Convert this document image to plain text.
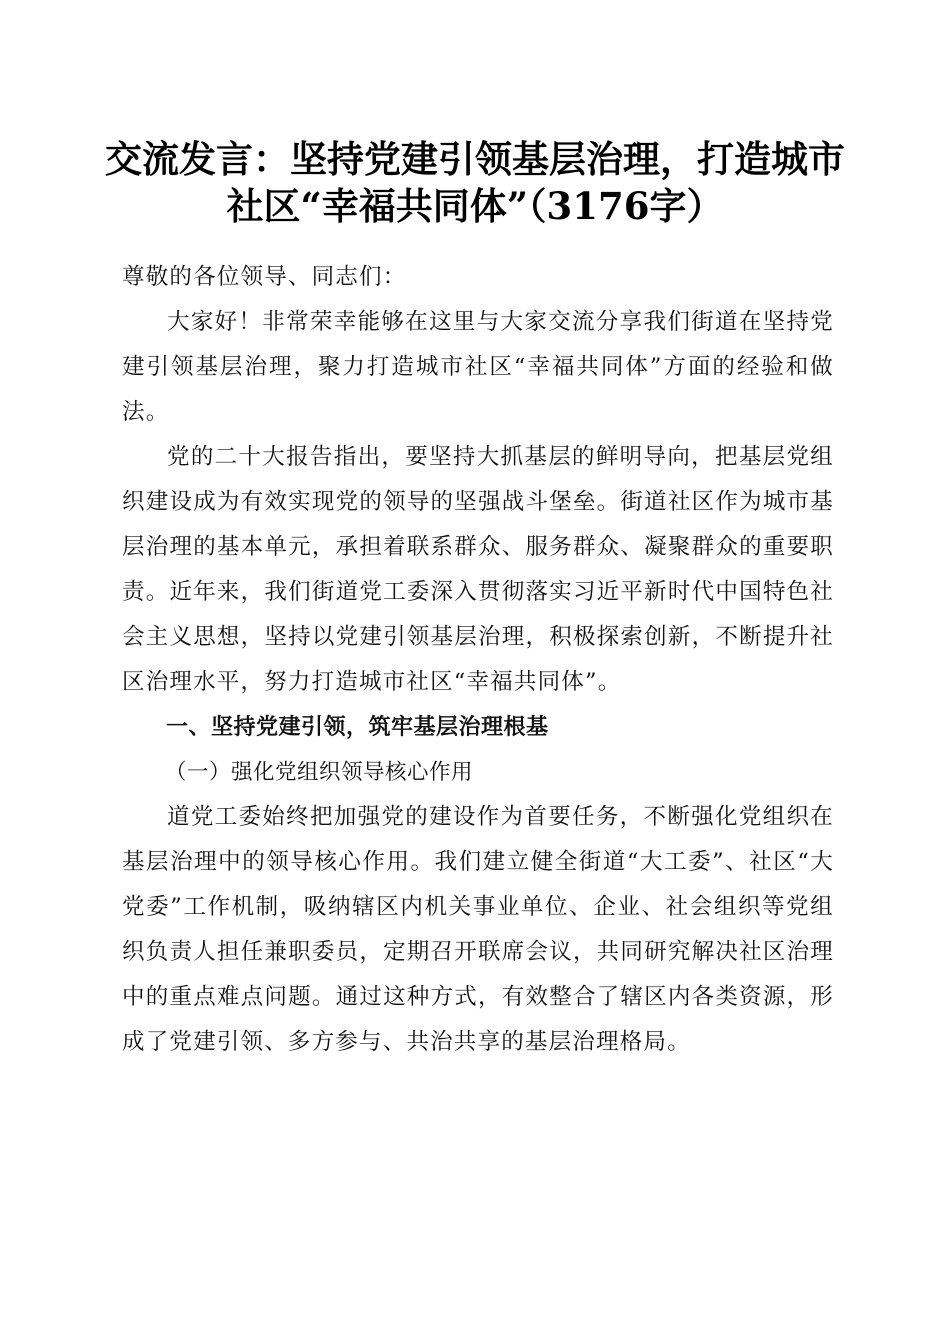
交流发言：坚持党建引领基层治理，打造城市
社区“幸福共同体”（3176字）

尊敬的各位领导、同志们：

大家好！非常荣幸能够在这里与大家交流分享我们街道在坚持党建引领基层治理，聚力打造城市社区“幸福共同体”方面的经验和做法。

党的二十大报告指出，要坚持大抓基层的鲜明导向，把基层党组织建设成为有效实现党的领导的坚强战斗堡垒。街道社区作为城市基层治理的基本单元，承担着联系群众、服务群众、凝聚群众的重要职责。近年来，我们街道党工委深入贯彻落实习近平新时代中国特色社会主义思想，坚持以党建引领基层治理，积极探索创新，不断提升社区治理水平，努力打造城市社区“幸福共同体”。

一、坚持党建引领，筑牢基层治理根基

（一）强化党组织领导核心作用

道党工委始终把加强党的建设作为首要任务，不断强化党组织在基层治理中的领导核心作用。我们建立健全街道“大工委”、社区“大党委”工作机制，吸纳辖区内机关事业单位、企业、社会组织等党组织负责人担任兼职委员，定期召开联席会议，共同研究解决社区治理中的重点难点问题。通过这种方式，有效整合了辖区内各类资源，形成了党建引领、多方参与、共治共享的基层治理格局。
